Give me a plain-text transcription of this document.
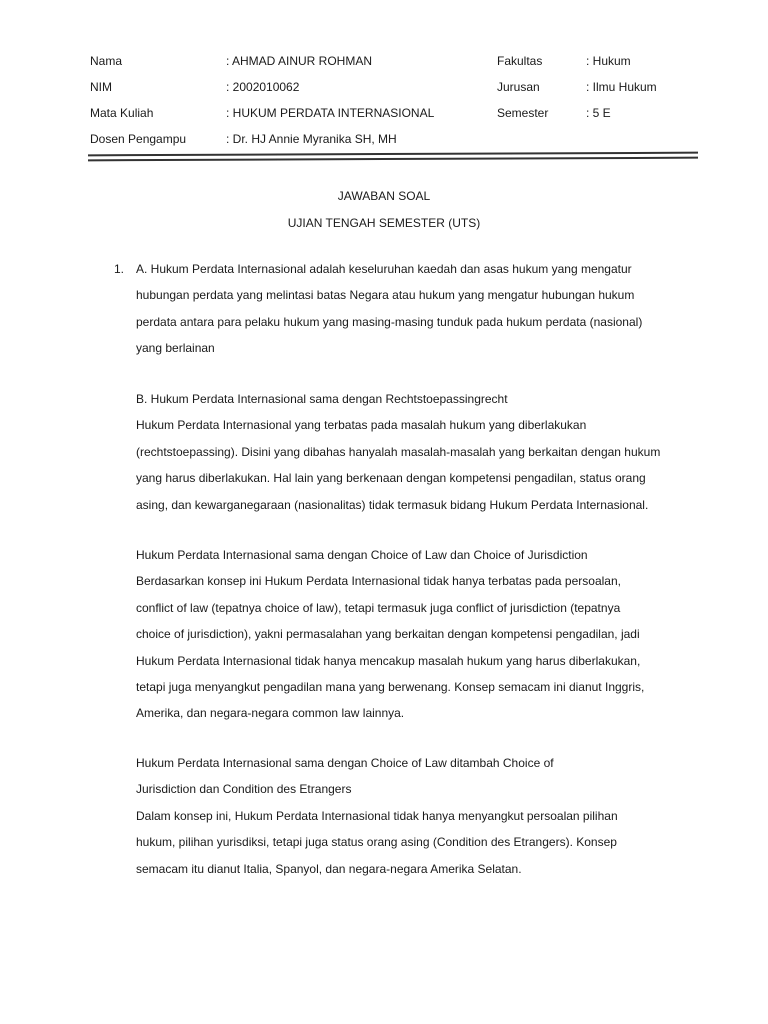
Nama	: AHMAD AINUR ROHMAN	Fakultas	: Hukum
NIM	: 2002010062	Jurusan	: Ilmu Hukum
Mata Kuliah	: HUKUM PERDATA INTERNASIONAL	Semester	: 5 E
Dosen Pengampu	: Dr. HJ Annie Myranika SH, MH
JAWABAN SOAL
UJIAN TENGAH SEMESTER (UTS)
1. A. Hukum Perdata Internasional adalah keseluruhan kaedah dan asas hukum yang mengatur
hubungan perdata yang melintasi batas Negara atau hukum yang mengatur hubungan hukum
perdata antara para pelaku hukum yang masing-masing tunduk pada hukum perdata (nasional)
yang berlainan

B. Hukum Perdata Internasional sama dengan Rechtstoepassingrecht
Hukum Perdata Internasional yang terbatas pada masalah hukum yang diberlakukan
(rechtstoepassing). Disini yang dibahas hanyalah masalah-masalah yang berkaitan dengan hukum
yang harus diberlakukan. Hal lain yang berkenaan dengan kompetensi pengadilan, status orang
asing, dan kewarganegaraan (nasionalitas) tidak termasuk bidang Hukum Perdata Internasional.

Hukum Perdata Internasional sama dengan Choice of Law dan Choice of Jurisdiction
Berdasarkan konsep ini Hukum Perdata Internasional tidak hanya terbatas pada persoalan,
conflict of law (tepatnya choice of law), tetapi termasuk juga conflict of jurisdiction (tepatnya
choice of jurisdiction), yakni permasalahan yang berkaitan dengan kompetensi pengadilan, jadi
Hukum Perdata Internasional tidak hanya mencakup masalah hukum yang harus diberlakukan,
tetapi juga menyangkut pengadilan mana yang berwenang. Konsep semacam ini dianut Inggris,
Amerika, dan negara-negara common law lainnya.

Hukum Perdata Internasional sama dengan Choice of Law ditambah Choice of
Jurisdiction dan Condition des Etrangers
Dalam konsep ini, Hukum Perdata Internasional tidak hanya menyangkut persoalan pilihan
hukum, pilihan yurisdiksi, tetapi juga status orang asing (Condition des Etrangers). Konsep
semacam itu dianut Italia, Spanyol, dan negara-negara Amerika Selatan.
